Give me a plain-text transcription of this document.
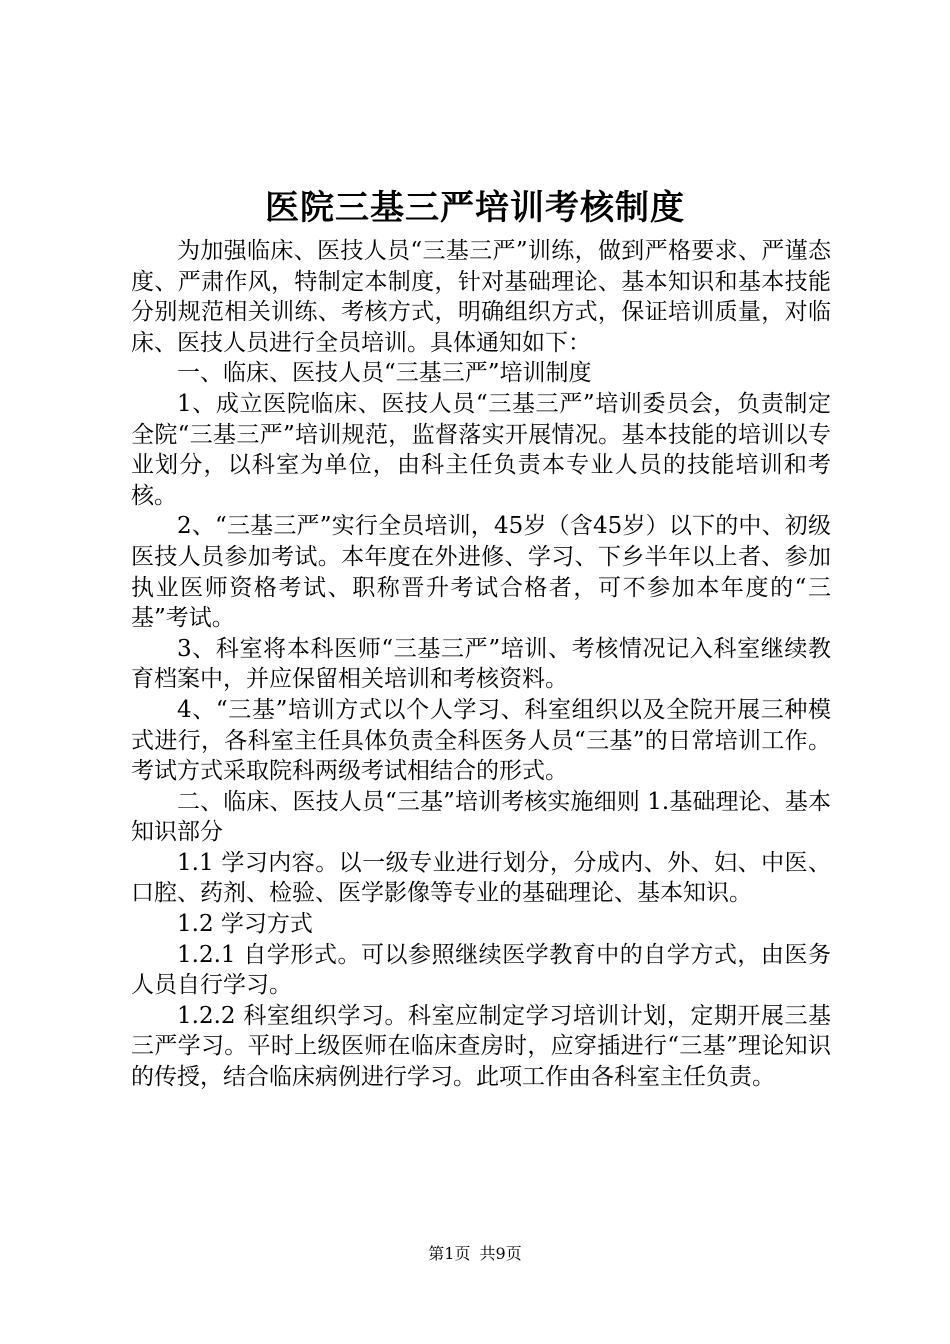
医院三基三严培训考核制度

为加强临床、医技人员“三基三严”训练，做到严格要求、严谨态度、严肃作风，特制定本制度，针对基础理论、基本知识和基本技能分别规范相关训练、考核方式，明确组织方式，保证培训质量，对临床、医技人员进行全员培训。具体通知如下：

一、临床、医技人员“三基三严”培训制度

1、成立医院临床、医技人员“三基三严”培训委员会，负责制定全院“三基三严”培训规范，监督落实开展情况。基本技能的培训以专业划分，以科室为单位，由科主任负责本专业人员的技能培训和考核。

2、“三基三严”实行全员培训，45岁（含45岁）以下的中、初级医技人员参加考试。本年度在外进修、学习、下乡半年以上者、参加执业医师资格考试、职称晋升考试合格者，可不参加本年度的“三基”考试。

3、科室将本科医师“三基三严”培训、考核情况记入科室继续教育档案中，并应保留相关培训和考核资料。

4、“三基”培训方式以个人学习、科室组织以及全院开展三种模式进行，各科室主任具体负责全科医务人员“三基”的日常培训工作。考试方式采取院科两级考试相结合的形式。

二、临床、医技人员“三基”培训考核实施细则 1.基础理论、基本知识部分

1.1 学习内容。以一级专业进行划分，分成内、外、妇、中医、口腔、药剂、检验、医学影像等专业的基础理论、基本知识。

1.2 学习方式

1.2.1 自学形式。可以参照继续医学教育中的自学方式，由医务人员自行学习。

1.2.2 科室组织学习。科室应制定学习培训计划，定期开展三基三严学习。平时上级医师在临床查房时，应穿插进行“三基”理论知识的传授，结合临床病例进行学习。此项工作由各科室主任负责。

第1页 共9页
